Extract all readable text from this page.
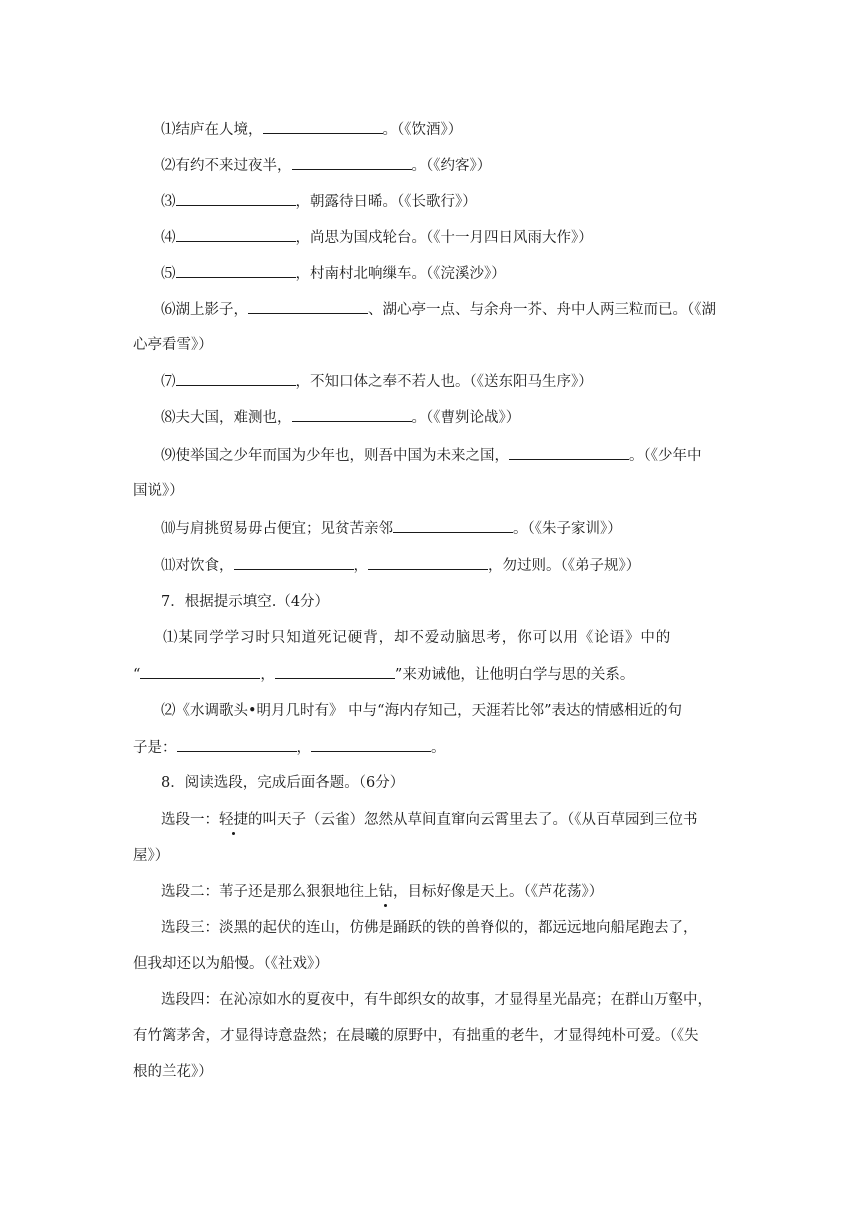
⑴结庐在人境，	。（《饮酒》）
⑵有约不来过夜半，	。（《约客》）
⑶	，朝露待日晞。（《长歌行》）
⑷	，尚思为国戍轮台。（《十一月四日风雨大作》）
⑸	，村南村北响缫车。（《浣溪沙》）
⑹湖上影子，	、湖心亭一点、与余舟一芥、舟中人两三粒而已。（《湖
心亭看雪》）
⑺	，不知口体之奉不若人也。（《送东阳马生序》）
⑻夫大国，难测也，	。（《曹刿论战》）
⑼使举国之少年而国为少年也，则吾中国为未来之国，	。（《少年中
国说》）
⑽与肩挑贸易毋占便宜；见贫苦亲邻	。（《朱子家训》）
⑾对饮食，	，	，勿过则。（《弟子规》）
7．根据提示填空.（4分）
⑴某同学学习时只知道死记硬背，却不爱动脑思考，你可以用《论语》中的
“	，	”来劝诫他，让他明白学与思的关系。
⑵《水调歌头•明月几时有》 中与“海内存知己，天涯若比邻”表达的情感相近的句
子是：	，	。
8．阅读选段，完成后面各题。（6分）
选段一：轻捷的叫天子（云雀）忽然从草间直窜向云霄里去了。（《从百草园到三位书
屋》）
选段二：苇子还是那么狠狠地往上钻，目标好像是天上。（《芦花荡》）
选段三：淡黑的起伏的连山，仿佛是踊跃的铁的兽脊似的，都远远地向船尾跑去了，
但我却还以为船慢。（《社戏》）
选段四：在沁凉如水的夏夜中，有牛郎织女的故事，才显得星光晶亮；在群山万壑中，
有竹篱茅舍，才显得诗意盎然；在晨曦的原野中，有拙重的老牛，才显得纯朴可爱。（《失
根的兰花》）
